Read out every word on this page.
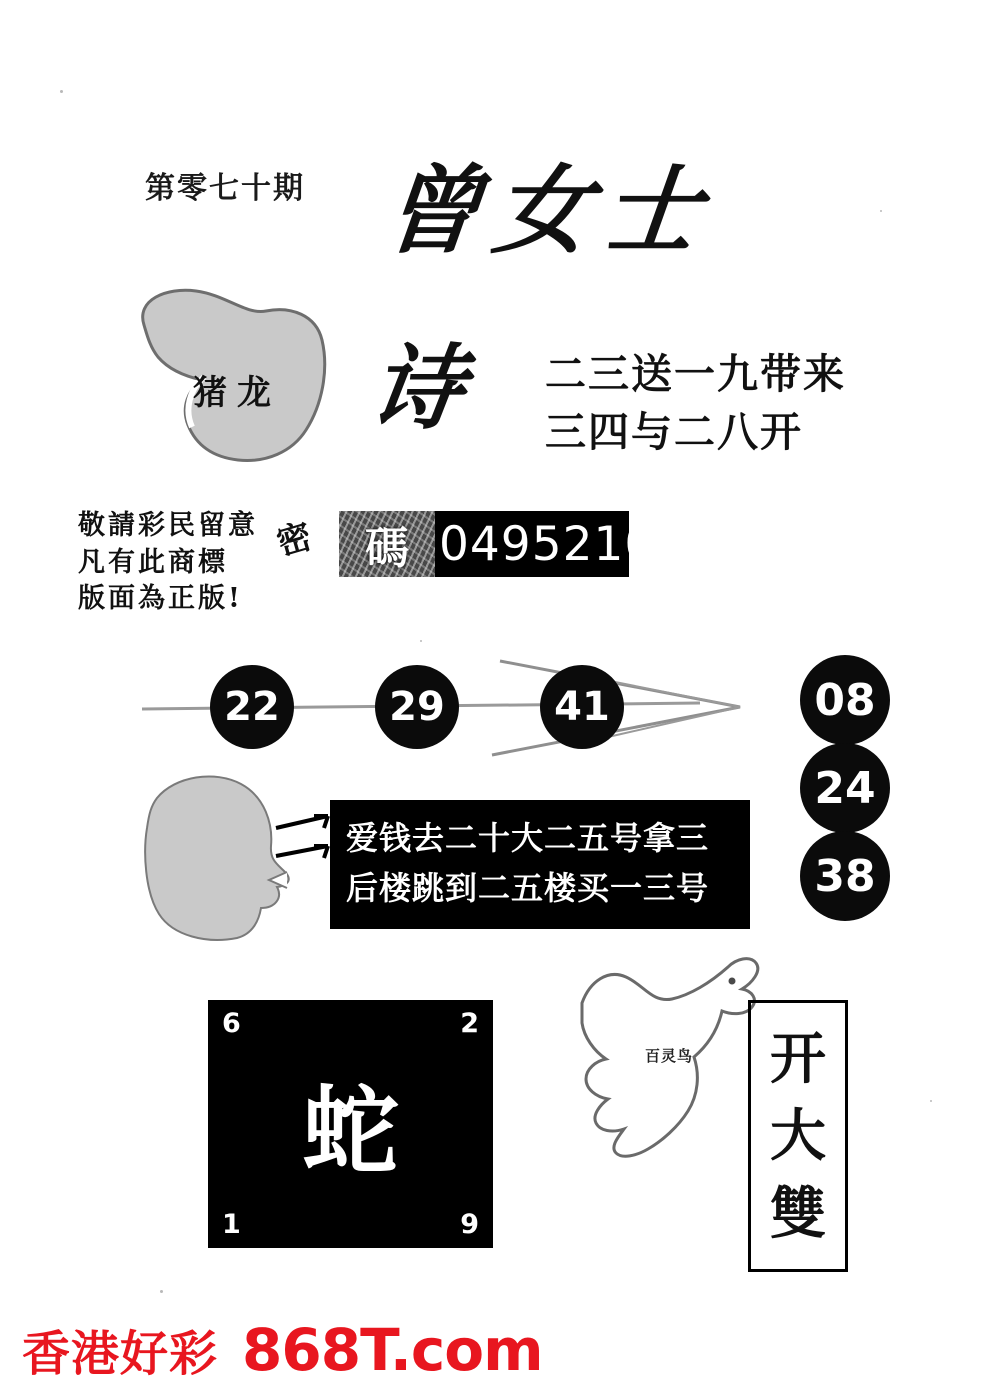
第零七十期 曾女士
猪龙 诗 二三送一九带来
三四与二八开
敬請彩民留意
凡有此商標
版面為正版!
密 碼 0495210
22	29	41	08
24
38
爱钱去二十大二五号拿三
后楼跳到二五楼买一三号
6	2
蛇
1	9
百灵鸟 开
大
雙
香港好彩 868T.com
